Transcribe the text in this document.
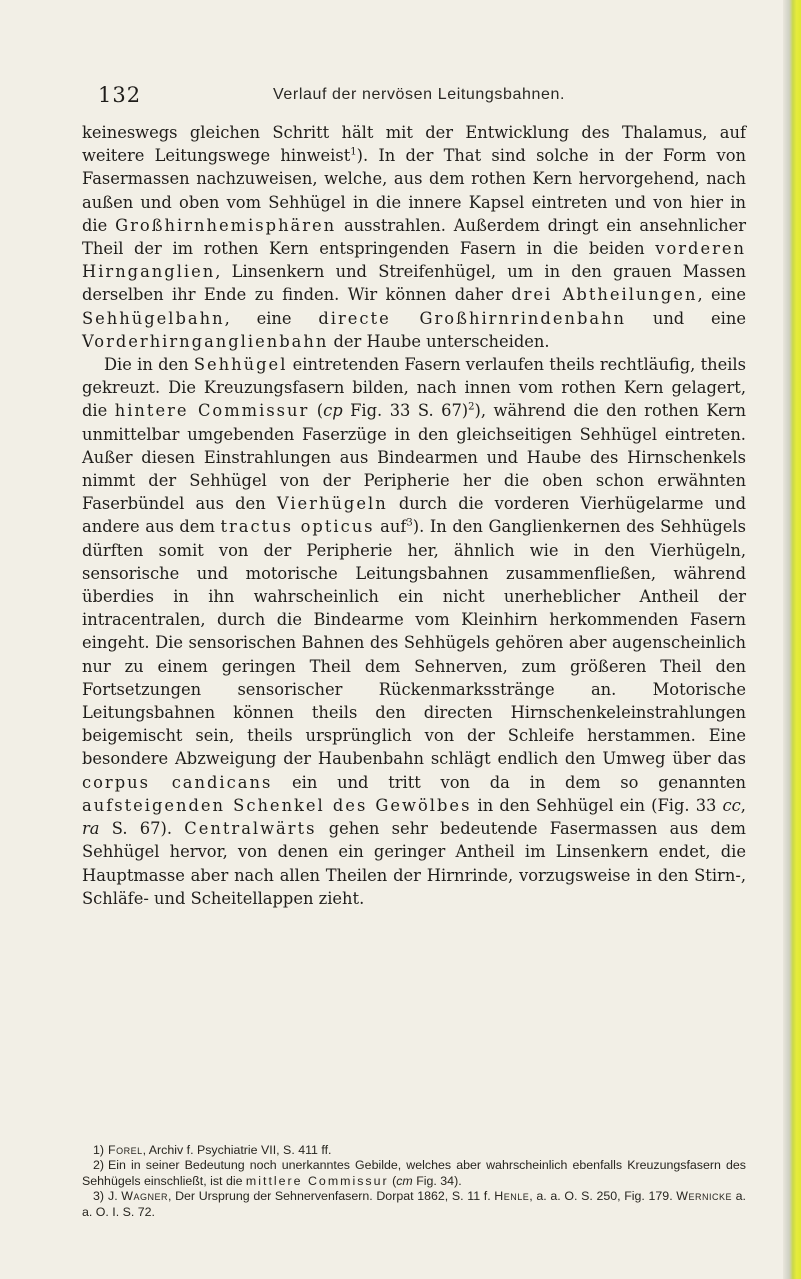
132	Verlauf der nervösen Leitungsbahnen.

keineswegs gleichen Schritt hält mit der Entwicklung des Thalamus, auf weitere Leitungswege hinweist$^1$). In der That sind solche in der Form von Fasermassen nachzuweisen, welche, aus dem rothen Kern hervorgehend, nach außen und oben vom Sehhügel in die innere Kapsel eintreten und von hier in die Großhirnhemisphären ausstrahlen. Außerdem dringt ein ansehnlicher Theil der im rothen Kern entspringenden Fasern in die beiden vorderen Hirnganglien, Linsenkern und Streifenhügel, um in den grauen Massen derselben ihr Ende zu finden. Wir können daher drei Abtheilungen, eine Sehhügelbahn, eine directe Großhirnrindenbahn und eine Vorderhirnganglienbahn der Haube unterscheiden.

Die in den Sehhügel eintretenden Fasern verlaufen theils rechtläufig, theils gekreuzt. Die Kreuzungsfasern bilden, nach innen vom rothen Kern gelagert, die hintere Commissur (cp Fig. 33 S. 67)$^2$), während die den rothen Kern unmittelbar umgebenden Faserzüge in den gleichseitigen Sehhügel eintreten. Außer diesen Einstrahlungen aus Bindearmen und Haube des Hirnschenkels nimmt der Sehhügel von der Peripherie her die oben schon erwähnten Faserbündel aus den Vierhügeln durch die vorderen Vierhügelarme und andere aus dem tractus opticus auf$^3$). In den Ganglienkernen des Sehhügels dürften somit von der Peripherie her, ähnlich wie in den Vierhügeln, sensorische und motorische Leitungsbahnen zusammenfließen, während überdies in ihn wahrscheinlich ein nicht unerheblicher Antheil der intracentralen, durch die Bindearme vom Kleinhirn herkommenden Fasern eingeht. Die sensorischen Bahnen des Sehhügels gehören aber augenscheinlich nur zu einem geringen Theil dem Sehnerven, zum größeren Theil den Fortsetzungen sensorischer Rückenmarksstränge an. Motorische Leitungsbahnen können theils den directen Hirnschenkeleinstrahlungen beigemischt sein, theils ursprünglich von der Schleife herstammen. Eine besondere Abzweigung der Haubenbahn schlägt endlich den Umweg über das corpus candicans ein und tritt von da in dem so genannten aufsteigenden Schenkel des Gewölbes in den Sehhügel ein (Fig. 33 cc, ra S. 67). Centralwärts gehen sehr bedeutende Fasermassen aus dem Sehhügel hervor, von denen ein geringer Antheil im Linsenkern endet, die Hauptmasse aber nach allen Theilen der Hirnrinde, vorzugsweise in den Stirn-, Schläfe- und Scheitellappen zieht.

1) Forel, Archiv f. Psychiatrie VII, S. 411 ff.

2) Ein in seiner Bedeutung noch unerkanntes Gebilde, welches aber wahrscheinlich ebenfalls Kreuzungsfasern des Sehhügels einschließt, ist die mittlere Commissur (cm Fig. 34).

3) J. Wagner, Der Ursprung der Sehnervenfasern. Dorpat 1862, S. 11 f. Henle, a. a. O. S. 250, Fig. 179. Wernicke a. a. O. I. S. 72.
